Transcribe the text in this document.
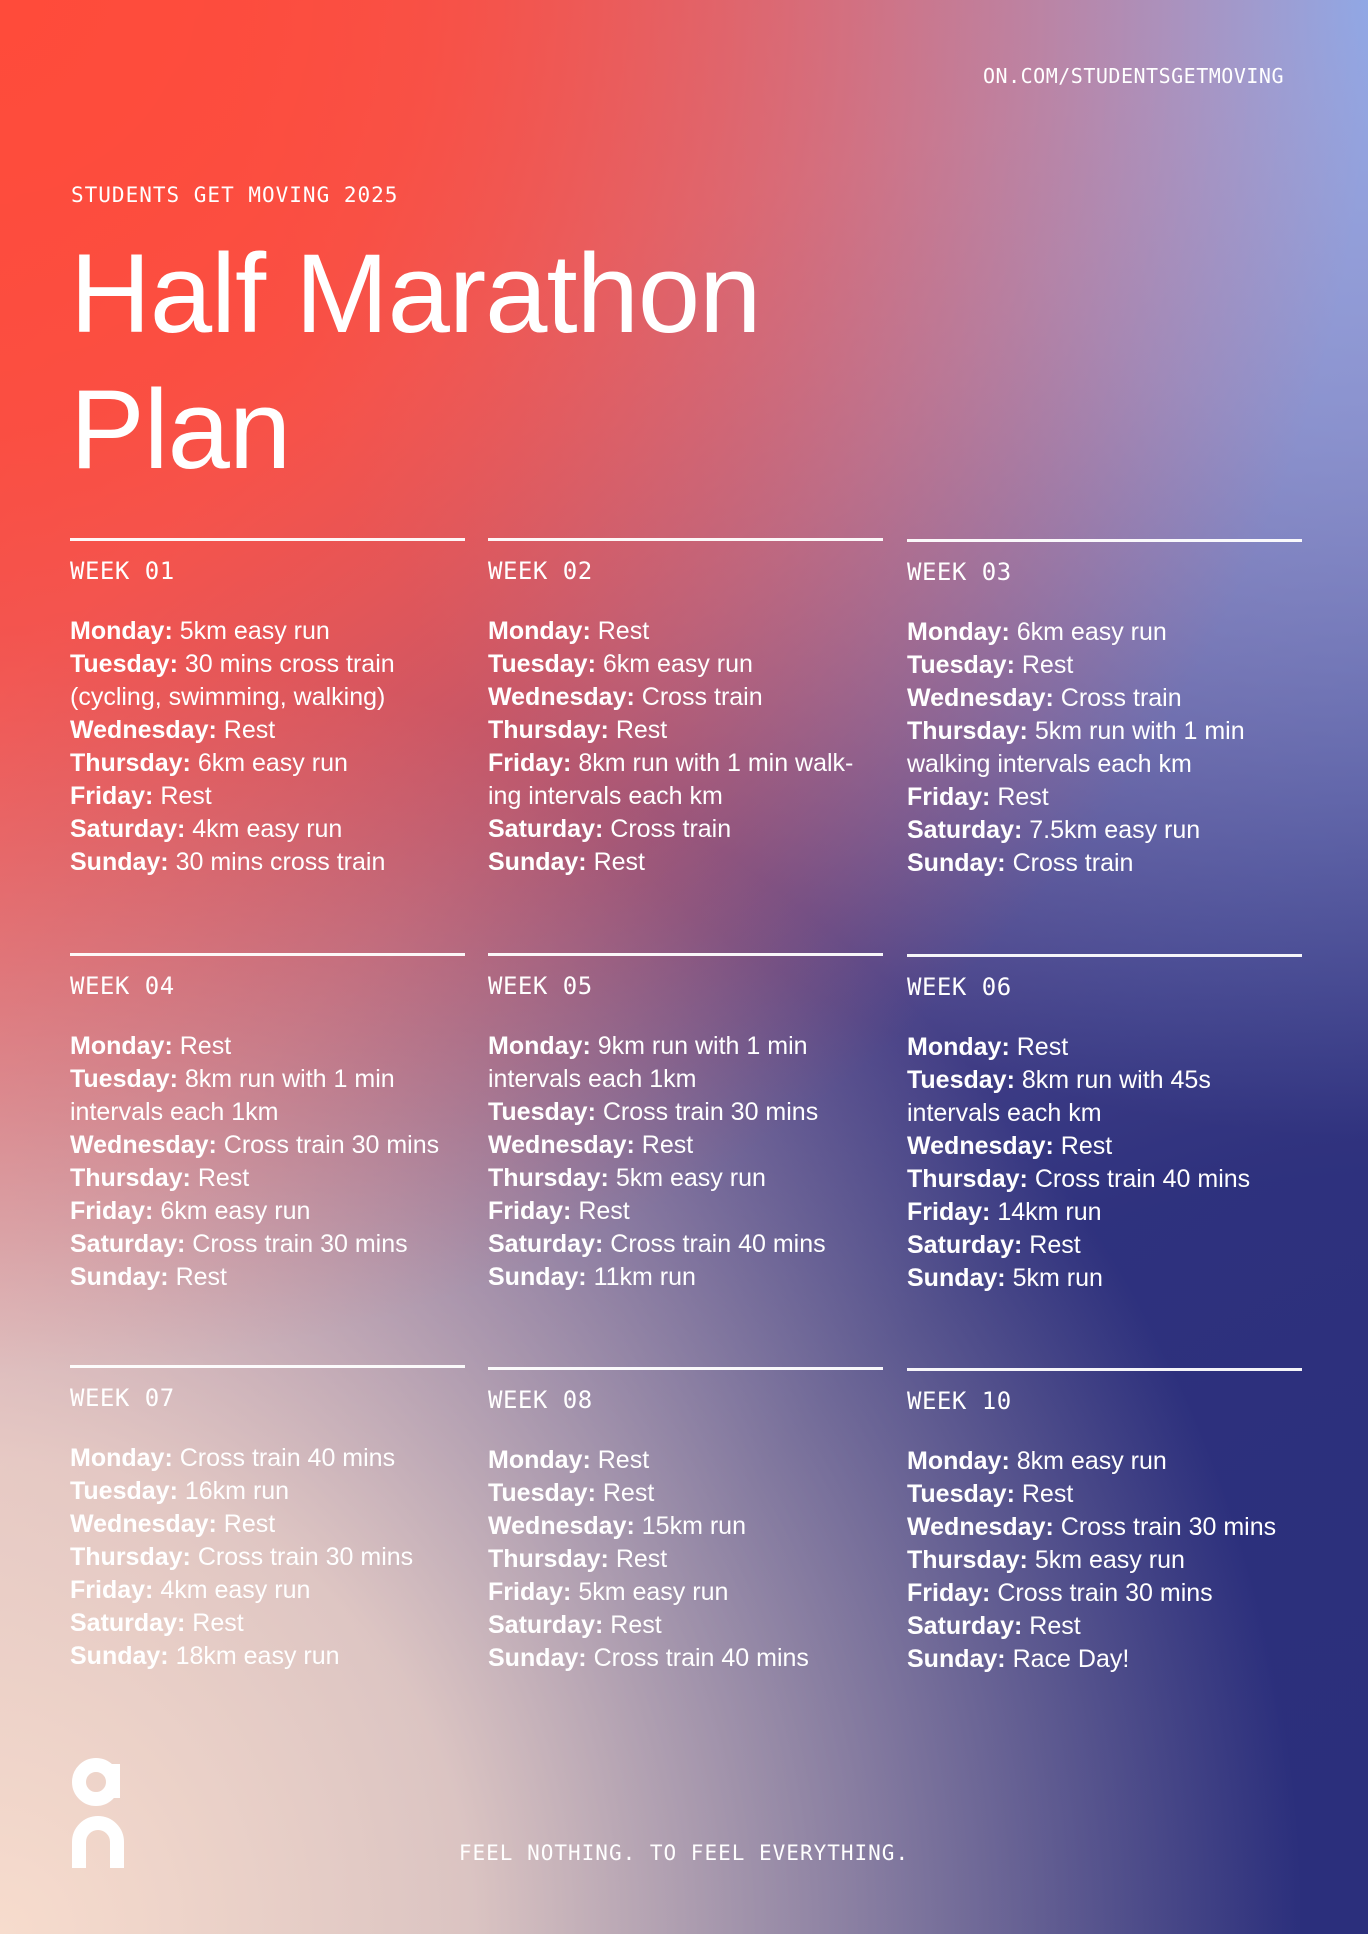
ON.COM/STUDENTSGETMOVING
STUDENTS GET MOVING 2025
Half Marathon
Plan
WEEK 01

Monday: 5km easy run

Tuesday: 30 mins cross train (cycling, swimming, walking)

Wednesday: Rest

Thursday: 6km easy run

Friday: Rest

Saturday: 4km easy run

Sunday: 30 mins cross train

WEEK 02

Monday: Rest

Tuesday: 6km easy run

Wednesday: Cross train

Thursday: Rest

Friday: 8km run with 1 min walk-ing intervals each km

Saturday: Cross train

Sunday: Rest

WEEK 03

Monday: 6km easy run

Tuesday: Rest

Wednesday: Cross train

Thursday: 5km run with 1 min walking intervals each km

Friday: Rest

Saturday: 7.5km easy run

Sunday: Cross train

WEEK 04

Monday: Rest

Tuesday: 8km run with 1 min intervals each 1km

Wednesday: Cross train 30 mins

Thursday: Rest

Friday: 6km easy run

Saturday: Cross train 30 mins

Sunday: Rest

WEEK 05

Monday: 9km run with 1 min intervals each 1km

Tuesday: Cross train 30 mins

Wednesday: Rest

Thursday: 5km easy run

Friday: Rest

Saturday: Cross train 40 mins

Sunday: 11km run

WEEK 06

Monday: Rest

Tuesday: 8km run with 45s intervals each km

Wednesday: Rest

Thursday: Cross train 40 mins

Friday: 14km run

Saturday: Rest

Sunday: 5km run

WEEK 07

Monday: Cross train 40 mins

Tuesday: 16km run

Wednesday: Rest

Thursday: Cross train 30 mins

Friday: 4km easy run

Saturday: Rest

Sunday: 18km easy run

WEEK 08

Monday: Rest

Tuesday: Rest

Wednesday: 15km run

Thursday: Rest

Friday: 5km easy run

Saturday: Rest

Sunday: Cross train 40 mins

WEEK 10

Monday: 8km easy run

Tuesday: Rest

Wednesday: Cross train 30 mins

Thursday: 5km easy run

Friday: Cross train 30 mins

Saturday: Rest

Sunday: Race Day!

FEEL NOTHING. TO FEEL EVERYTHING.
